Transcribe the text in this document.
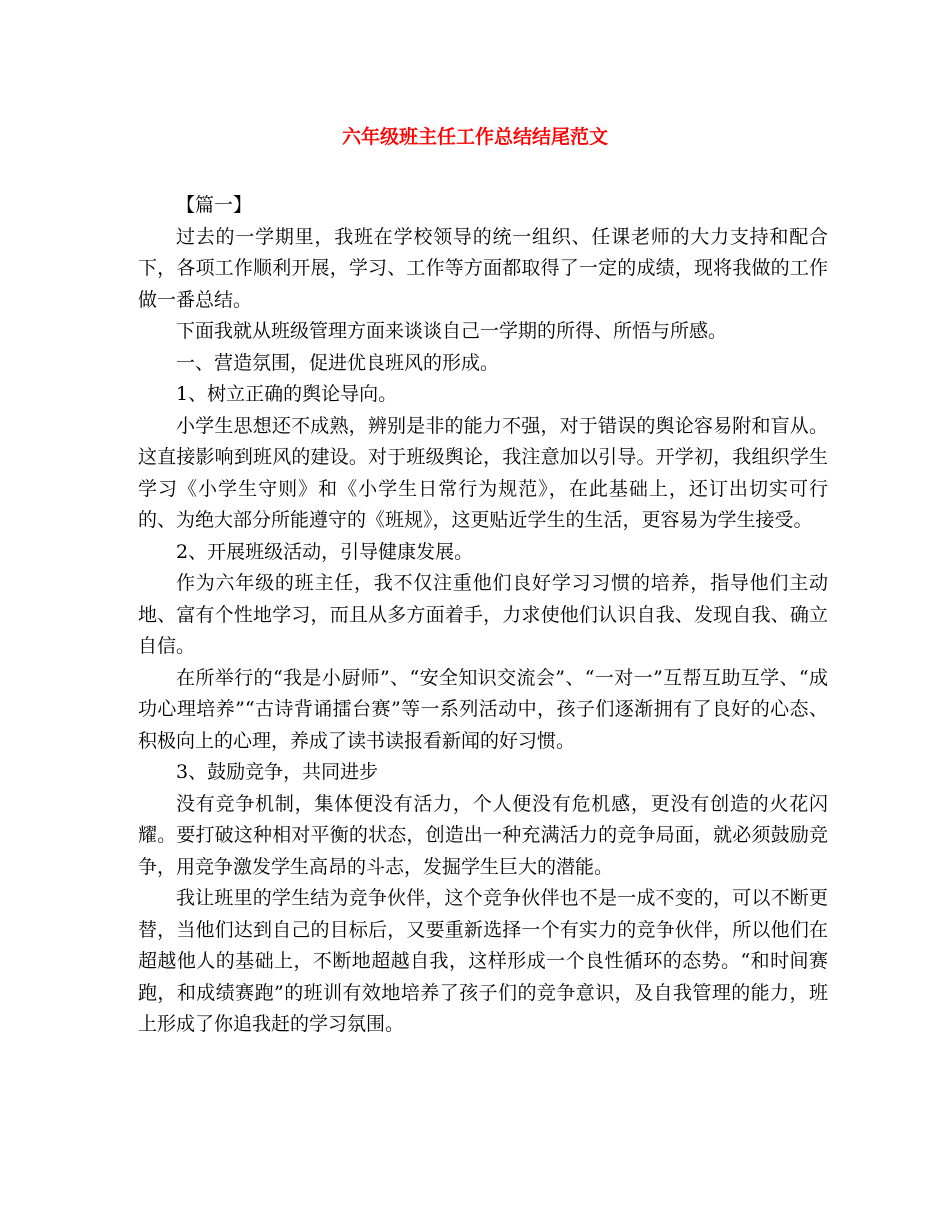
六年级班主任工作总结结尾范文

【篇一】

过去的一学期里，我班在学校领导的统一组织、任课老师的大力支持和配合下，各项工作顺利开展，学习、工作等方面都取得了一定的成绩，现将我做的工作做一番总结。

下面我就从班级管理方面来谈谈自己一学期的所得、所悟与所感。

一、营造氛围，促进优良班风的形成。

1、树立正确的舆论导向。

小学生思想还不成熟，辨别是非的能力不强，对于错误的舆论容易附和盲从。这直接影响到班风的建设。对于班级舆论，我注意加以引导。开学初，我组织学生学习《小学生守则》和《小学生日常行为规范》，在此基础上，还订出切实可行的、为绝大部分所能遵守的《班规》，这更贴近学生的生活，更容易为学生接受。

2、开展班级活动，引导健康发展。

作为六年级的班主任，我不仅注重他们良好学习习惯的培养，指导他们主动地、富有个性地学习，而且从多方面着手，力求使他们认识自我、发现自我、确立自信。

在所举行的“我是小厨师”、“安全知识交流会”、“一对一”互帮互助互学、“成功心理培养”“古诗背诵擂台赛”等一系列活动中，孩子们逐渐拥有了良好的心态、积极向上的心理，养成了读书读报看新闻的好习惯。

3、鼓励竞争，共同进步

没有竞争机制，集体便没有活力，个人便没有危机感，更没有创造的火花闪耀。要打破这种相对平衡的状态，创造出一种充满活力的竞争局面，就必须鼓励竞争，用竞争激发学生高昂的斗志，发掘学生巨大的潜能。

我让班里的学生结为竞争伙伴，这个竞争伙伴也不是一成不变的，可以不断更替，当他们达到自己的目标后，又要重新选择一个有实力的竞争伙伴，所以他们在超越他人的基础上，不断地超越自我，这样形成一个良性循环的态势。“和时间赛跑，和成绩赛跑”的班训有效地培养了孩子们的竞争意识，及自我管理的能力，班上形成了你追我赶的学习氛围。
